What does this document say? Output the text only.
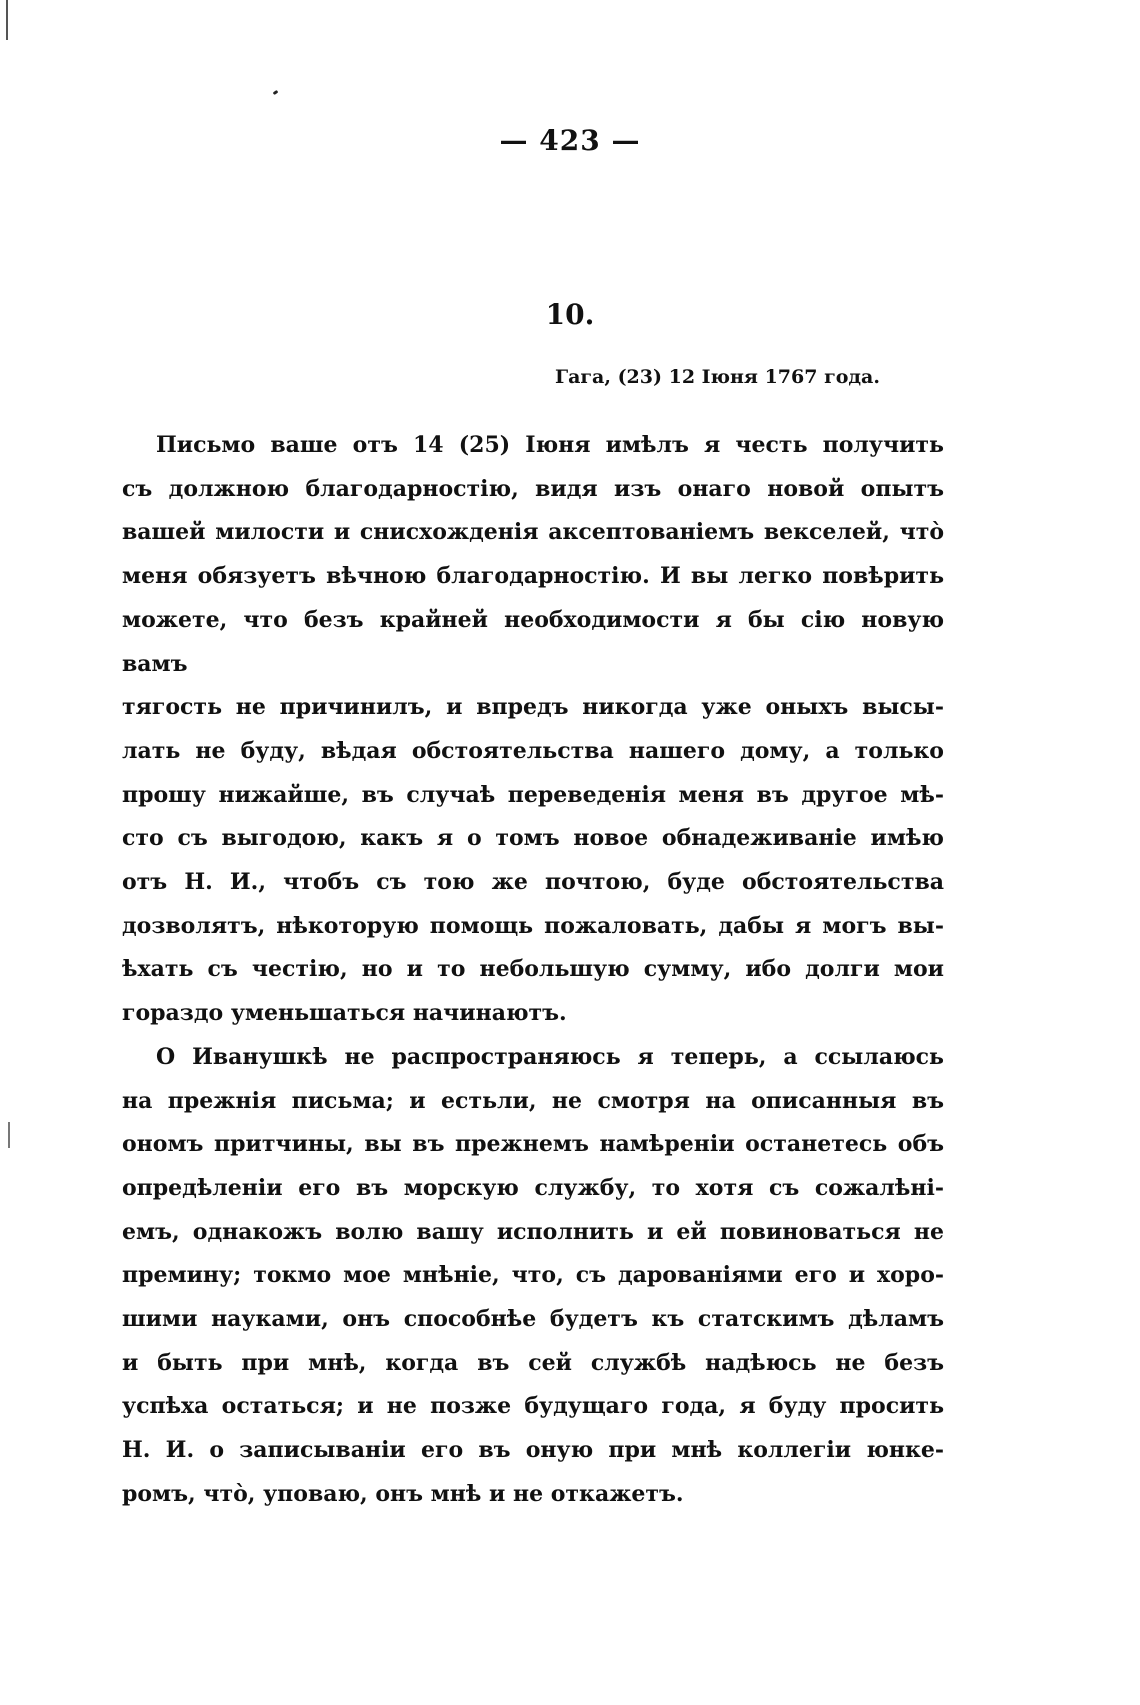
— 423 —
10.
Гага, (23) 12 Іюня 1767 года.

Письмо ваше отъ 14 (25) Іюня имѣлъ я честь получить
съ должною благодарностію, видя изъ онаго новой опытъ
вашей милости и снисхожденія аксептованіемъ векселей, чтò
меня обязуетъ вѣчною благодарностію. И вы легко повѣрить
можете, что безъ крайней необходимости я бы сію новую вамъ
тягость не причинилъ, и впредъ никогда уже оныхъ высы-
лать не буду, вѣдая обстоятельства нашего дому, а только
прошу нижайше, въ случаѣ переведенія меня въ другое мѣ-
сто съ выгодою, какъ я о томъ новое обнадеживаніе имѣю
отъ Н. И., чтобъ съ тою же почтою, буде обстоятельства
дозволятъ, нѣкоторую помощь пожаловать, дабы я могъ вы-
ѣхать съ честію, но и то небольшую сумму, ибо долги мои
гораздо уменьшаться начинаютъ.

О Иванушкѣ не распространяюсь я теперь, а ссылаюсь
на прежнія письма; и естьли, не смотря на описанныя въ
ономъ притчины, вы въ прежнемъ намѣреніи останетесь объ
опредѣленіи его въ морскую службу, то хотя съ сожалѣні-
емъ, однакожъ волю вашу исполнить и ей повиноваться не
премину; токмо мое мнѣніе, что, съ дарованіями его и хоро-
шими науками, онъ способнѣе будетъ къ статскимъ дѣламъ
и быть при мнѣ, когда въ сей службѣ надѣюсь не безъ
успѣха остаться; и не позже будущаго года, я буду просить
Н. И. о записываніи его въ оную при мнѣ коллегіи юнке-
ромъ, чтò, уповаю, онъ мнѣ и не откажетъ.
